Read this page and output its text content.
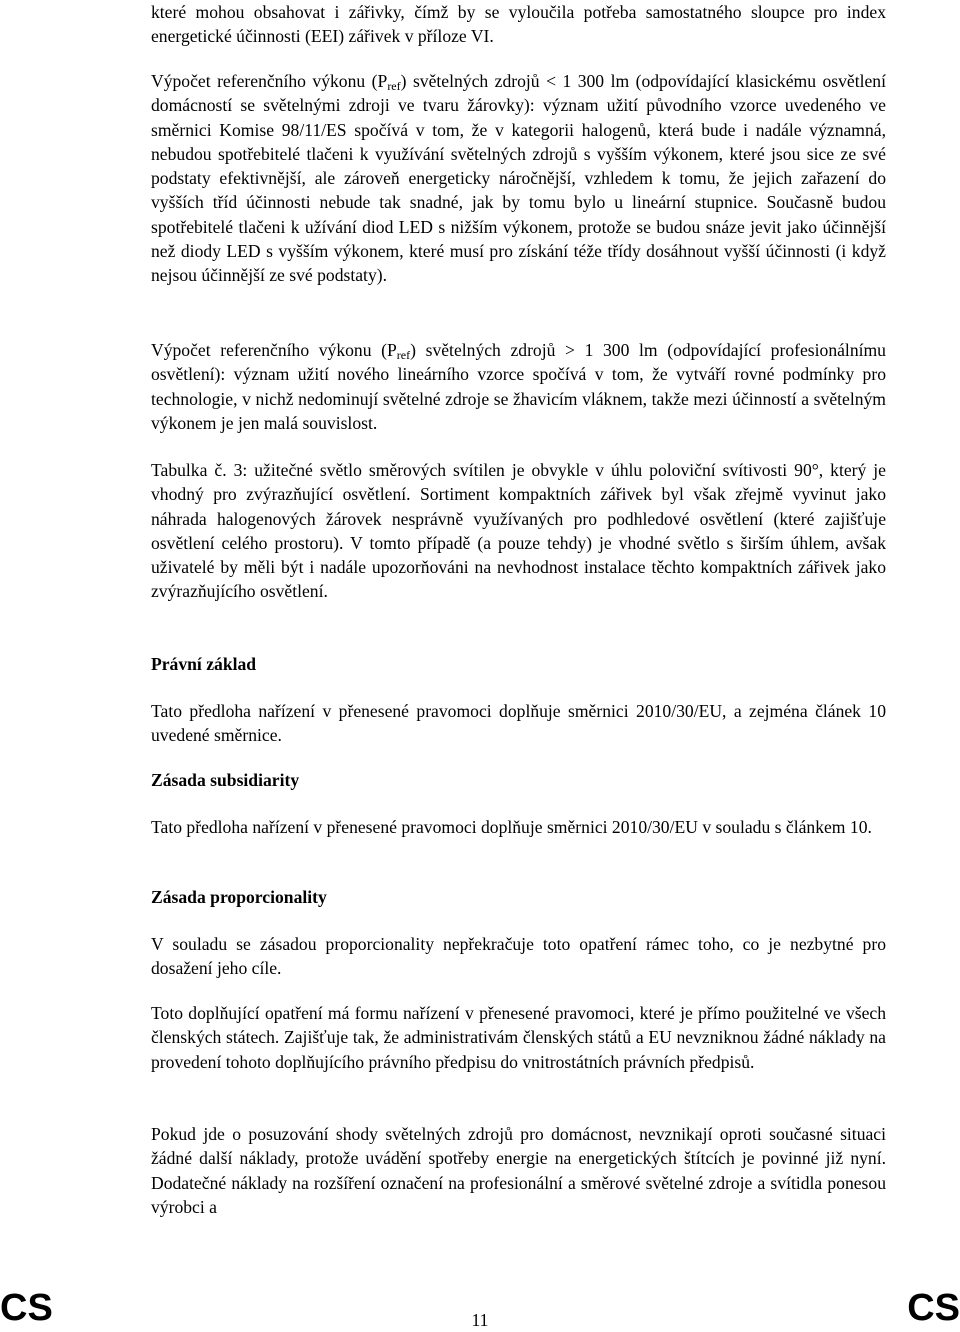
které mohou obsahovat i zářivky, čímž by se vyloučila potřeba samostatného sloupce pro index energetické účinnosti (EEI) zářivek v příloze VI.

Výpočet referenčního výkonu $(P_{ref})$ světelných zdrojů < 1 300 lm (odpovídající klasickému osvětlení domácností se světelnými zdroji ve tvaru žárovky): význam užití původního vzorce uvedeného ve směrnici Komise 98/11/ES spočívá v tom, že v kategorii halogenů, která bude i nadále významná, nebudou spotřebitelé tlačeni k využívání světelných zdrojů s vyšším výkonem, které jsou sice ze své podstaty efektivnější, ale zároveň energeticky náročnější, vzhledem k tomu, že jejich zařazení do vyšších tříd účinnosti nebude tak snadné, jak by tomu bylo u lineární stupnice. Současně budou spotřebitelé tlačeni k užívání diod LED s nižším výkonem, protože se budou snáze jevit jako účinnější než diody LED s vyšším výkonem, které musí pro získání téže třídy dosáhnout vyšší účinnosti (i když nejsou účinnější ze své podstaty).

Výpočet referenčního výkonu $(P_{ref})$ světelných zdrojů > 1 300 lm (odpovídající profesionálnímu osvětlení): význam užití nového lineárního vzorce spočívá v tom, že vytváří rovné podmínky pro technologie, v nichž nedominují světelné zdroje se žhavicím vláknem, takže mezi účinností a světelným výkonem je jen malá souvislost.

Tabulka č. 3: užitečné světlo směrových svítilen je obvykle v úhlu poloviční svítivosti 90°, který je vhodný pro zvýrazňující osvětlení. Sortiment kompaktních zářivek byl však zřejmě vyvinut jako náhrada halogenových žárovek nesprávně využívaných pro podhledové osvětlení (které zajišťuje osvětlení celého prostoru). V tomto případě (a pouze tehdy) je vhodné světlo s širším úhlem, avšak uživatelé by měli být i nadále upozorňováni na nevhodnost instalace těchto kompaktních zářivek jako zvýrazňujícího osvětlení.

Právní základ

Tato předloha nařízení v přenesené pravomoci doplňuje směrnici 2010/30/EU, a zejména článek 10 uvedené směrnice.

Zásada subsidiarity

Tato předloha nařízení v přenesené pravomoci doplňuje směrnici 2010/30/EU v souladu s článkem 10.

Zásada proporcionality

V souladu se zásadou proporcionality nepřekračuje toto opatření rámec toho, co je nezbytné pro dosažení jeho cíle.

Toto doplňující opatření má formu nařízení v přenesené pravomoci, které je přímo použitelné ve všech členských státech. Zajišťuje tak, že administrativám členských států a EU nevzniknou žádné náklady na provedení tohoto doplňujícího právního předpisu do vnitrostátních právních předpisů.

Pokud jde o posuzování shody světelných zdrojů pro domácnost, nevznikají oproti současné situaci žádné další náklady, protože uvádění spotřeby energie na energetických štítcích je povinné již nyní. Dodatečné náklady na rozšíření označení na profesionální a směrové světelné zdroje a svítidla ponesou výrobci a

CS	11	CS
